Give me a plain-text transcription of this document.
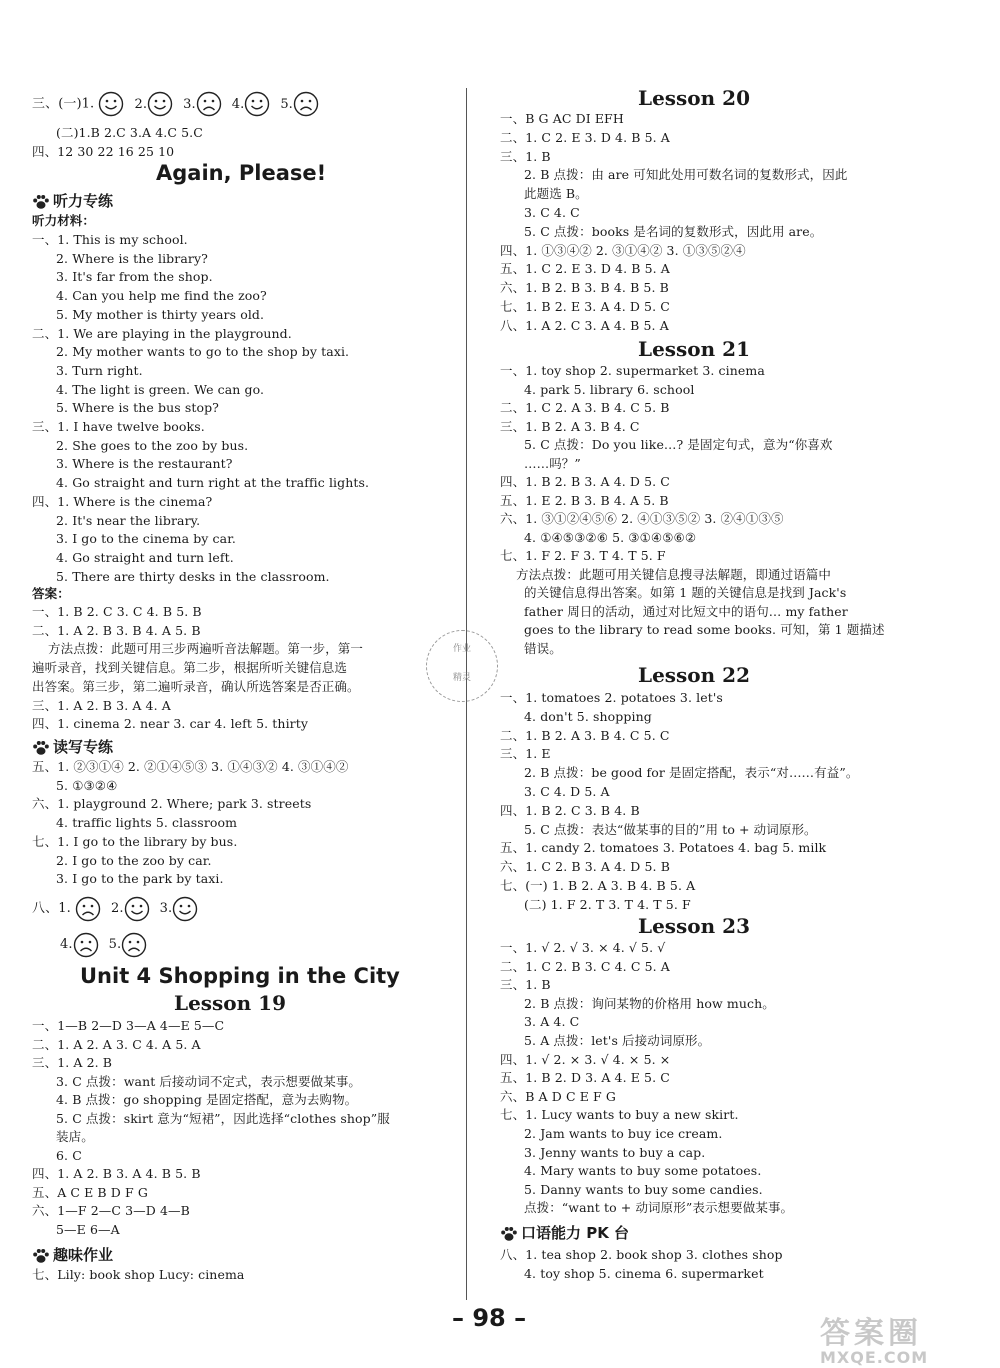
三、(一)1.	2.	3.	4.	5.
(二)1.B 2.C 3.A 4.C 5.C
四、12 30 22 16 25 10
Again, Please!
听力专练
听力材料：
一、1. This is my school.
2. Where is the library?
3. It's far from the shop.
4. Can you help me find the zoo?
5. My mother is thirty years old.
二、1. We are playing in the playground.
2. My mother wants to go to the shop by taxi.
3. Turn right.
4. The light is green. We can go.
5. Where is the bus stop?
三、1. I have twelve books.
2. She goes to the zoo by bus.
3. Where is the restaurant?
4. Go straight and turn right at the traffic lights.
四、1. Where is the cinema?
2. It's near the library.
3. I go to the cinema by car.
4. Go straight and turn left.
5. There are thirty desks in the classroom.
答案：
一、1. B 2. C 3. C 4. B 5. B
二、1. A 2. B 3. B 4. A 5. B
方法点拨：此题可用三步两遍听音法解题。第一步，第一
遍听录音，找到关键信息。第二步，根据所听关键信息选
出答案。第三步，第二遍听录音，确认所选答案是否正确。
三、1. A 2. B 3. A 4. A
四、1. cinema 2. near 3. car 4. left 5. thirty
读写专练
五、1. ②③①④ 2. ②①④⑤③ 3. ①④③② 4. ③①④②
5. ①③②④
六、1. playground 2. Where; park 3. streets
4. traffic lights 5. classroom
七、1. I go to the library by bus.
2. I go to the zoo by car.
3. I go to the park by taxi.
八、1.	2.	3.
4.	5.
Unit 4 Shopping in the City
Lesson 19
一、1—B 2—D 3—A 4—E 5—C
二、1. A 2. A 3. C 4. A 5. A
三、1. A 2. B
3. C 点拨：want 后接动词不定式，表示想要做某事。
4. B 点拨：go shopping 是固定搭配，意为去购物。
5. C 点拨：skirt 意为“短裙”，因此选择“clothes shop”服
装店。
6. C
四、1. A 2. B 3. A 4. B 5. B
五、A C E B D F G
六、1—F 2—C 3—D 4—B
5—E 6—A
趣味作业
七、Lily: book shop Lucy: cinema
作业
精灵
Lesson 20
一、B G AC DI EFH
二、1. C 2. E 3. D 4. B 5. A
三、1. B
2. B 点拨：由 are 可知此处用可数名词的复数形式，因此
此题选 B。
3. C 4. C
5. C 点拨：books 是名词的复数形式，因此用 are。
四、1. ①③④② 2. ③①④② 3. ①③⑤②④
五、1. C 2. E 3. D 4. B 5. A
六、1. B 2. B 3. B 4. B 5. B
七、1. B 2. E 3. A 4. D 5. C
八、1. A 2. C 3. A 4. B 5. A
Lesson 21
一、1. toy shop 2. supermarket 3. cinema
4. park 5. library 6. school
二、1. C 2. A 3. B 4. C 5. B
三、1. B 2. A 3. B 4. C
5. C 点拨：Do you like…? 是固定句式，意为“你喜欢
……吗？”
四、1. B 2. B 3. A 4. D 5. C
五、1. E 2. B 3. B 4. A 5. B
六、1. ③①②④⑤⑥ 2. ④①③⑤② 3. ②④①③⑤
4. ①④⑤③②⑥ 5. ③①④⑤⑥②
七、1. F 2. F 3. T 4. T 5. F
方法点拨：此题可用关键信息搜寻法解题，即通过语篇中
的关键信息得出答案。如第 1 题的关键信息是找到 Jack's
father 周日的活动，通过对比短文中的语句… my father
goes to the library to read some books. 可知，第 1 题描述
错误。
Lesson 22
一、1. tomatoes 2. potatoes 3. let's
4. don't 5. shopping
二、1. B 2. A 3. B 4. C 5. C
三、1. E
2. B 点拨：be good for 是固定搭配，表示“对……有益”。
3. C 4. D 5. A
四、1. B 2. C 3. B 4. B
5. C 点拨：表达“做某事的目的”用 to + 动词原形。
五、1. candy 2. tomatoes 3. Potatoes 4. bag 5. milk
六、1. C 2. B 3. A 4. D 5. B
七、(一) 1. B 2. A 3. B 4. B 5. A
(二) 1. F 2. T 3. T 4. T 5. F
Lesson 23
一、1. √ 2. √ 3. × 4. √ 5. √
二、1. C 2. B 3. C 4. C 5. A
三、1. B
2. B 点拨：询问某物的价格用 how much。
3. A 4. C
5. A 点拨：let's 后接动词原形。
四、1. √ 2. × 3. √ 4. × 5. ×
五、1. B 2. D 3. A 4. E 5. C
六、B A D C E F G
七、1. Lucy wants to buy a new skirt.
2. Jam wants to buy ice cream.
3. Jenny wants to buy a cap.
4. Mary wants to buy some potatoes.
5. Danny wants to buy some candies.
点拨：“want to + 动词原形”表示想要做某事。
口语能力 PK 台
八、1. tea shop 2. book shop 3. clothes shop
4. toy shop 5. cinema 6. supermarket
– 98 –	答案圈
MXQE.COM
